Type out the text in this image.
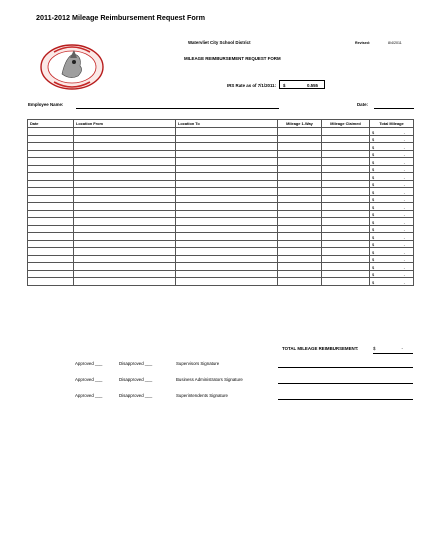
2011-2012 Mileage Reimbursement Request Form
Watervliet City School District	Revised:	8/4/2011
MILEAGE REIMBURSEMENT REQUEST FORM
IRS Rate as of 7/1/2011: $	0.555
Employee Name:	Date:
Date	Location From	Location To	Mileage 1-Way	Mileage Claimed	Total Mileage

					$ -

					$ -

					$ -

					$ -

					$ -

					$ -

					$ -

					$ -

					$ -

					$ -

					$ -

					$ -

					$ -

					$ -

					$ -

					$ -

					$ -

					$ -

					$ -

					$ -

					$ -
TOTAL MILEAGE REIMBURSEMENT:	$	-
Approved ___	Disapproved ___	Supervisors Signature
Approved ___	Disapproved ___	Business Administrators Signature
Approved ___	Disapproved ___	Superintendents Signature
